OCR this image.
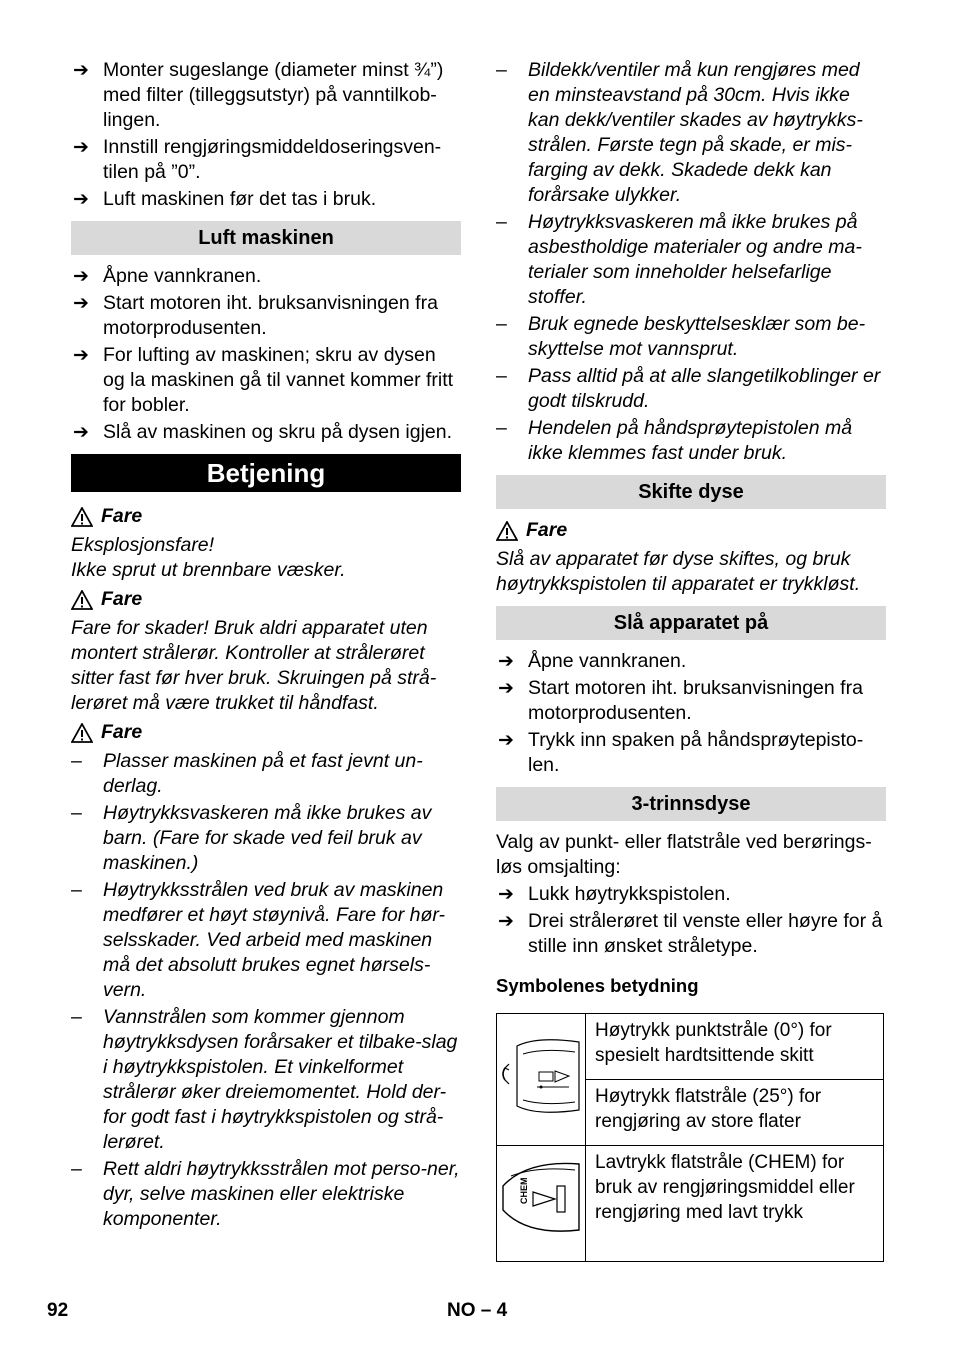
➔ Monter sugeslange (diameter minst ¾”) med filter (tilleggsutstyr) på vanntilkob-lingen.
➔ Innstill rengjøringsmiddeldoseringsven-tilen på ”0”.
➔ Luft maskinen før det tas i bruk.
Luft maskinen
➔ Åpne vannkranen.
➔ Start motoren iht. bruksanvisningen fra motorprodusenten.
➔ For lufting av maskinen; skru av dysen og la maskinen gå til vannet kommer fritt for bobler.
➔ Slå av maskinen og skru på dysen igjen.
Betjening
Fare
Eksplosjonsfare!
Ikke sprut ut brennbare væsker.
Fare
Fare for skader! Bruk aldri apparatet uten montert strålerør. Kontroller at strålerøret sitter fast før hver bruk. Skruingen på strå-lerøret må være trukket til håndfast.
Fare
– Plasser maskinen på et fast jevnt un-derlag.
– Høytrykksvaskeren må ikke brukes av barn. (Fare for skade ved feil bruk av maskinen.)
– Høytrykksstrålen ved bruk av maskinen medfører et høyt støynivå. Fare for hør-selsskader. Ved arbeid med maskinen må det absolutt brukes egnet hørsels-vern.
– Vannstrålen som kommer gjennom høytrykksdysen forårsaker et tilbake-slag i høytrykkspistolen. Et vinkelformet strålerør øker dreiemomentet. Hold der-for godt fast i høytrykkspistolen og strå-lerøret.
– Rett aldri høytrykksstrålen mot perso-ner, dyr, selve maskinen eller elektriske komponenter.
– Bildekk/ventiler må kun rengjøres med en minsteavstand på 30cm. Hvis ikke kan dekk/ventiler skades av høytrykks-strålen. Første tegn på skade, er mis-farging av dekk. Skadede dekk kan forårsake ulykker.
– Høytrykksvaskeren må ikke brukes på asbestholdige materialer og andre ma-terialer som inneholder helsefarlige stoffer.
– Bruk egnede beskyttelsesklær som be-skyttelse mot vannsprut.
– Pass alltid på at alle slangetilkoblinger er godt tilskrudd.
– Hendelen på håndsprøytepistolen må ikke klemmes fast under bruk.
Skifte dyse
Fare
Slå av apparatet før dyse skiftes, og bruk høytrykkspistolen til apparatet er trykkløst.
Slå apparatet på
➔ Åpne vannkranen.
➔ Start motoren iht. bruksanvisningen fra motorprodusenten.
➔ Trykk inn spaken på håndsprøytepisto-len.
3-trinnsdyse
Valg av punkt- eller flatstråle ved berørings-løs omsjalting:
➔ Lukk høytrykkspistolen.
➔ Drei strålerøret til venste eller høyre for å stille inn ønsket stråletype.
Symbolenes betydning
	Høytrykk punktstråle (0°) for spesielt hardtsittende skitt
	Høytrykk flatstråle (25°) for rengjøring av store flater

CHEM	Lavtrykk flatstråle (CHEM) for bruk av rengjøringsmiddel eller rengjøring med lavt trykk
92	NO – 4
